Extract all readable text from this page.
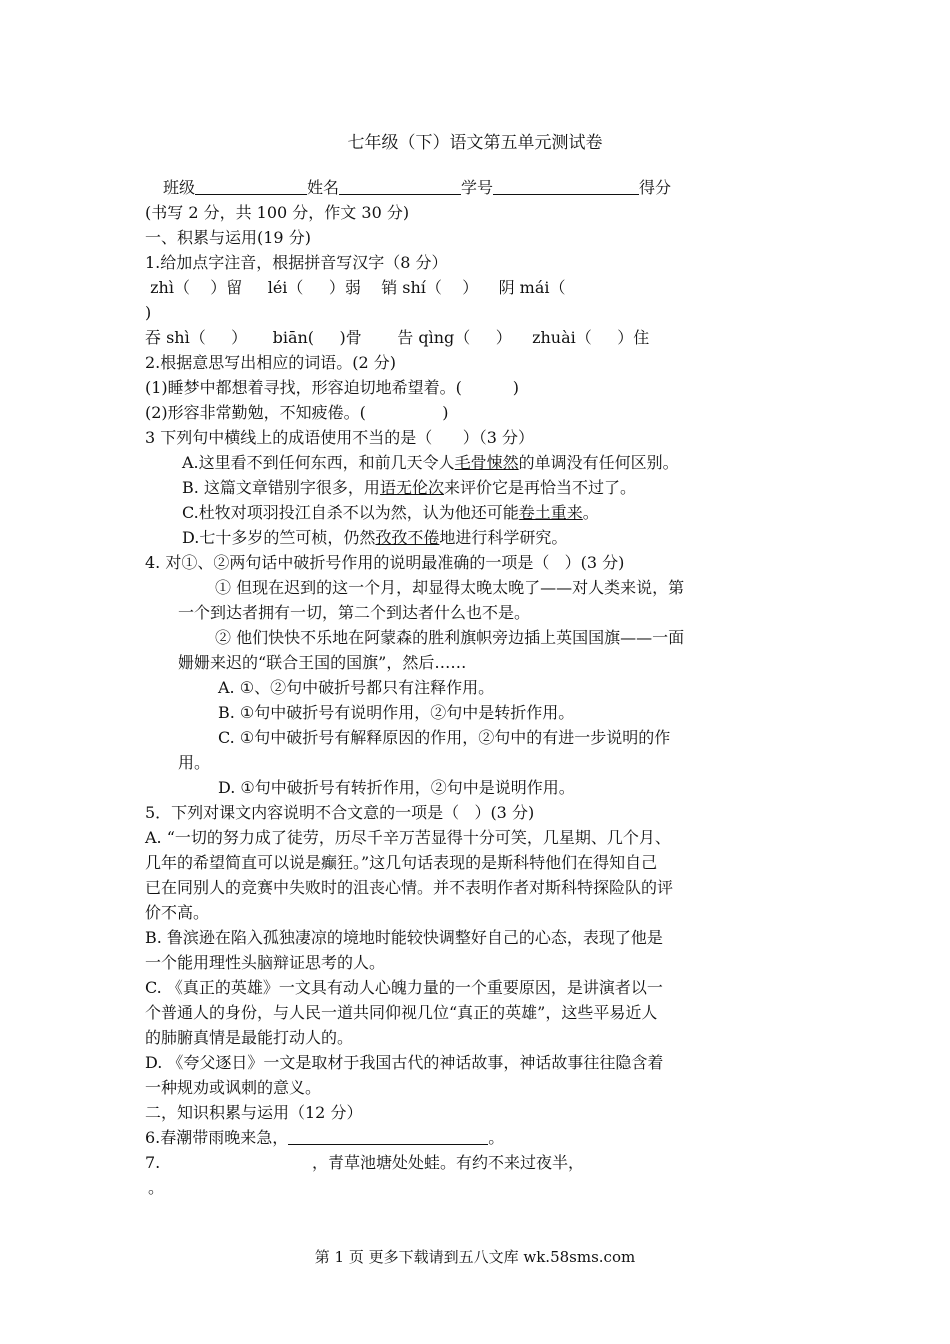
七年级（下）语文第五单元测试卷
班级	姓名	学号	得分
(书写 2 分，共 100 分，作文 30 分)
一、积累与运用(19 分)
1.给加点字注音，根据拼音写汉字（8 分）
zhì（    ）留     léi（     ）弱    销 shí（    ）    阴 mái（
)
吞 shì（     ）     biān(     )骨       告 qìng（     ）    zhuài（     ）住
2.根据意思写出相应的词语。(2 分)
(1)睡梦中都想着寻找，形容迫切地希望着。(          )
(2)形容非常勤勉，不知疲倦。(               )
3 下列句中横线上的成语使用不当的是（      ）（3 分）
A.这里看不到任何东西，和前几天令人毛骨悚然的单调没有任何区别。
B. 这篇文章错别字很多，用语无伦次来评价它是再恰当不过了。
C.杜牧对项羽投江自杀不以为然，认为他还可能卷土重来。
D.七十多岁的竺可桢，仍然孜孜不倦地进行科学研究。
4. 对①、②两句话中破折号作用的说明最准确的一项是（   ）(3 分)
① 但现在迟到的这一个月，却显得太晚太晚了——对人类来说，第
一个到达者拥有一切，第二个到达者什么也不是。
② 他们快快不乐地在阿蒙森的胜利旗帜旁边插上英国国旗——一面
姗姗来迟的“联合王国的国旗”，然后……
A. ①、②句中破折号都只有注释作用。
B. ①句中破折号有说明作用，②句中是转折作用。
C. ①句中破折号有解释原因的作用，②句中的有进一步说明的作
用。
D. ①句中破折号有转折作用，②句中是说明作用。
5．下列对课文内容说明不合文意的一项是（   ）(3 分)
A. “一切的努力成了徒劳，历尽千辛万苦显得十分可笑，几星期、几个月、
几年的希望简直可以说是癫狂。”这几句话表现的是斯科特他们在得知自己
已在同别人的竞赛中失败时的沮丧心情。并不表明作者对斯科特探险队的评
价不高。
B. 鲁滨逊在陷入孤独凄凉的境地时能较快调整好自己的心态，表现了他是
一个能用理性头脑辩证思考的人。
C. 《真正的英雄》一文具有动人心魄力量的一个重要原因，是讲演者以一
个普通人的身份，与人民一道共同仰视几位“真正的英雄”，这些平易近人
的肺腑真情是最能打动人的。
D. 《夸父逐日》一文是取材于我国古代的神话故事，神话故事往往隐含着
一种规劝或讽刺的意义。
二，知识积累与运用（12 分）
6.春潮带雨晚来急，	。
7.	，青草池塘处处蛙。有约不来过夜半，
。
第 1 页 更多下载请到五八文库 wk.58sms.com
